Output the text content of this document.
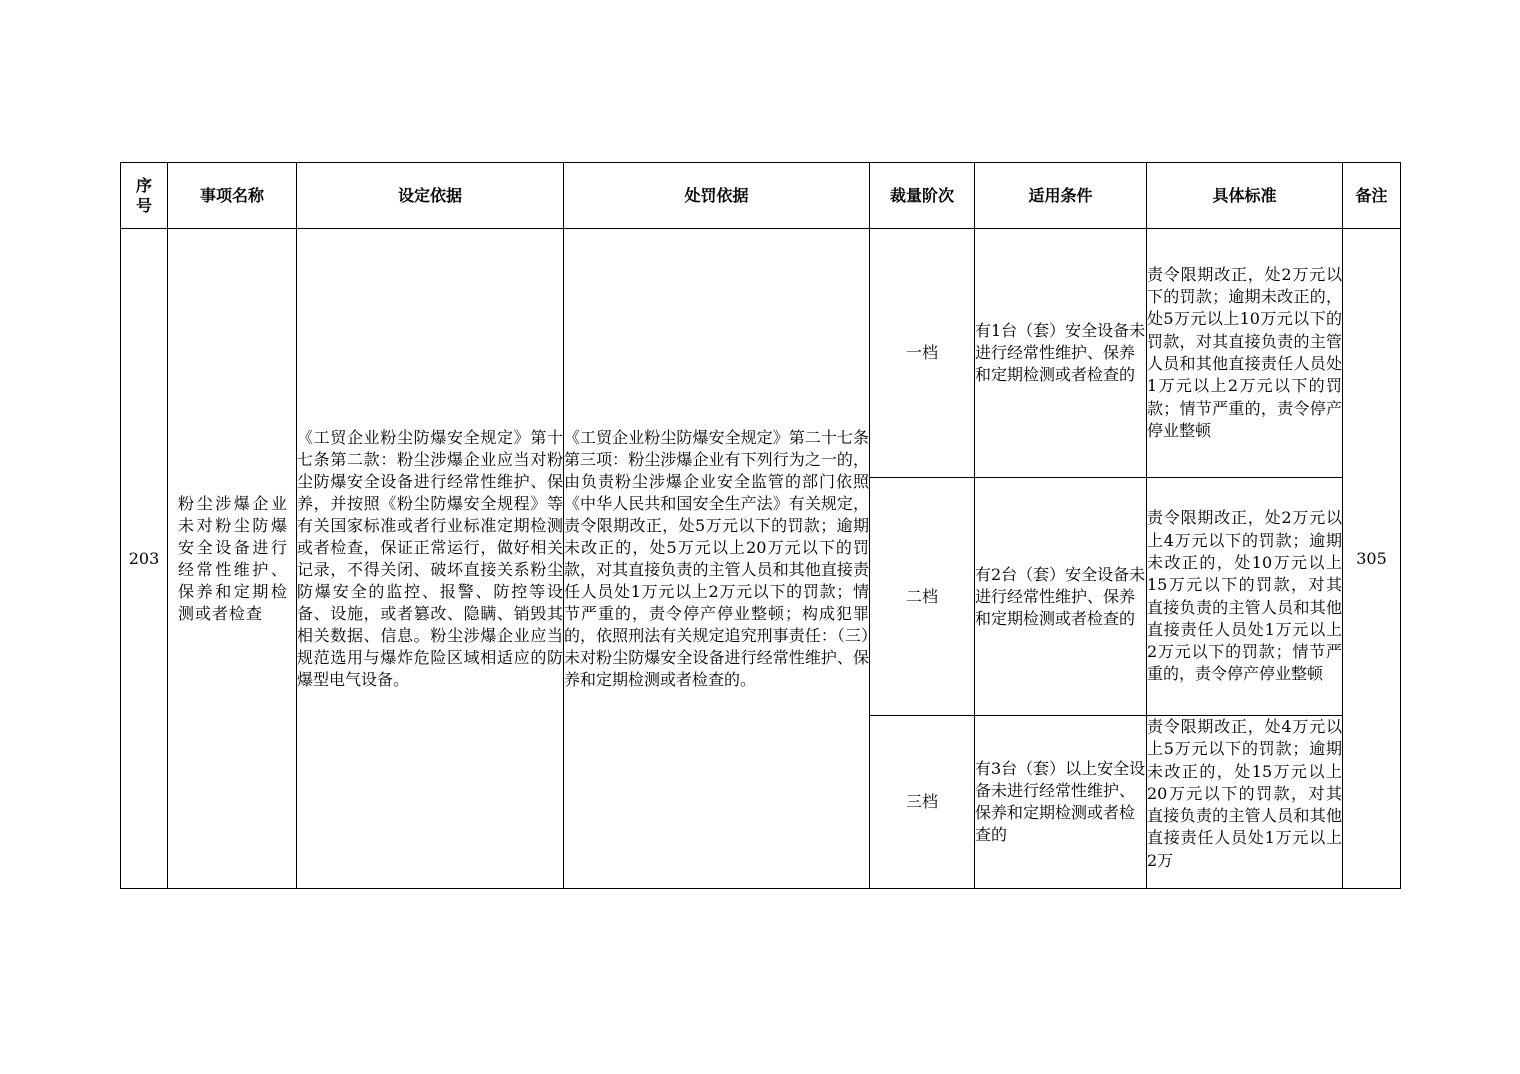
序号	事项名称	设定依据	处罚依据	裁量阶次	适用条件	具体标准	备注
203	粉尘涉爆企业未对粉尘防爆安全设备进行经常性维护、保养和定期检测或者检查	《工贸企业粉尘防爆安全规定》第十七条第二款：粉尘涉爆企业应当对粉尘防爆安全设备进行经常性维护、保养，并按照《粉尘防爆安全规程》等有关国家标准或者行业标准定期检测或者检查，保证正常运行，做好相关记录，不得关闭、破坏直接关系粉尘防爆安全的监控、报警、防控等设备、设施，或者篡改、隐瞒、销毁其相关数据、信息。粉尘涉爆企业应当规范选用与爆炸危险区域相适应的防爆型电气设备。	《工贸企业粉尘防爆安全规定》第二十七条第三项：粉尘涉爆企业有下列行为之一的，由负责粉尘涉爆企业安全监管的部门依照《中华人民共和国安全生产法》有关规定，责令限期改正，处5万元以下的罚款；逾期未改正的，处5万元以上20万元以下的罚款，对其直接负责的主管人员和其他直接责任人员处1万元以上2万元以下的罚款；情节严重的，责令停产停业整顿；构成犯罪的，依照刑法有关规定追究刑事责任：（三）未对粉尘防爆安全设备进行经常性维护、保养和定期检测或者检查的。	一档	有1台（套）安全设备未进行经常性维护、保养和定期检测或者检查的	责令限期改正，处2万元以下的罚款；逾期未改正的，处5万元以上10万元以下的罚款，对其直接负责的主管人员和其他直接责任人员处1万元以上2万元以下的罚款；情节严重的，责令停产停业整顿	305
				二档	有2台（套）安全设备未进行经常性维护、保养和定期检测或者检查的	责令限期改正，处2万元以上4万元以下的罚款；逾期未改正的，处10万元以上15万元以下的罚款，对其直接负责的主管人员和其他直接责任人员处1万元以上2万元以下的罚款；情节严重的，责令停产停业整顿	
				三档	有3台（套）以上安全设备未进行经常性维护、保养和定期检测或者检查的	责令限期改正，处4万元以上5万元以下的罚款；逾期未改正的，处15万元以上20万元以下的罚款，对其直接负责的主管人员和其他直接责任人员处1万元以上2万	
